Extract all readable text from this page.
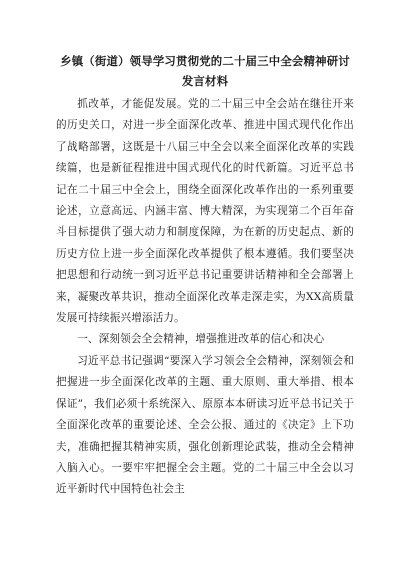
乡镇（街道）领导学习贯彻党的二十届三中全会精神研讨
发言材料

抓改革，才能促发展。党的二十届三中全会站在继往开来的历史关口，对进一步全面深化改革、推进中国式现代化作出了战略部署，这既是十八届三中全会以来全面深化改革的实践续篇，也是新征程推进中国式现代化的时代新篇。习近平总书记在二十届三中全会上，围绕全面深化改革作出的一系列重要论述，立意高远、内涵丰富、博大精深，为实现第二个百年奋斗目标提供了强大动力和制度保障，为在新的历史起点、新的历史方位上进一步全面深化改革提供了根本遵循。我们要坚决把思想和行动统一到习近平总书记重要讲话精神和全会部署上来，凝聚改革共识，推动全面深化改革走深走实，为XX高质量发展可持续振兴增添活力。

一、深刻领会全会精神，增强推进改革的信心和决心

习近平总书记强调“要深入学习领会全会精神，深刻领会和把握进一步全面深化改革的主题、重大原则、重大举措、根本保证”，我们必须十系统深入、原原本本研读习近平总书记关于全面深化改革的重要论述、全会公报、通过的《决定》上下功夫，准确把握其精神实质，强化创新理论武装，推动全会精神入脑入心。一要牢牢把握全会主题。党的二十届三中全会以习近平新时代中国特色社会主
